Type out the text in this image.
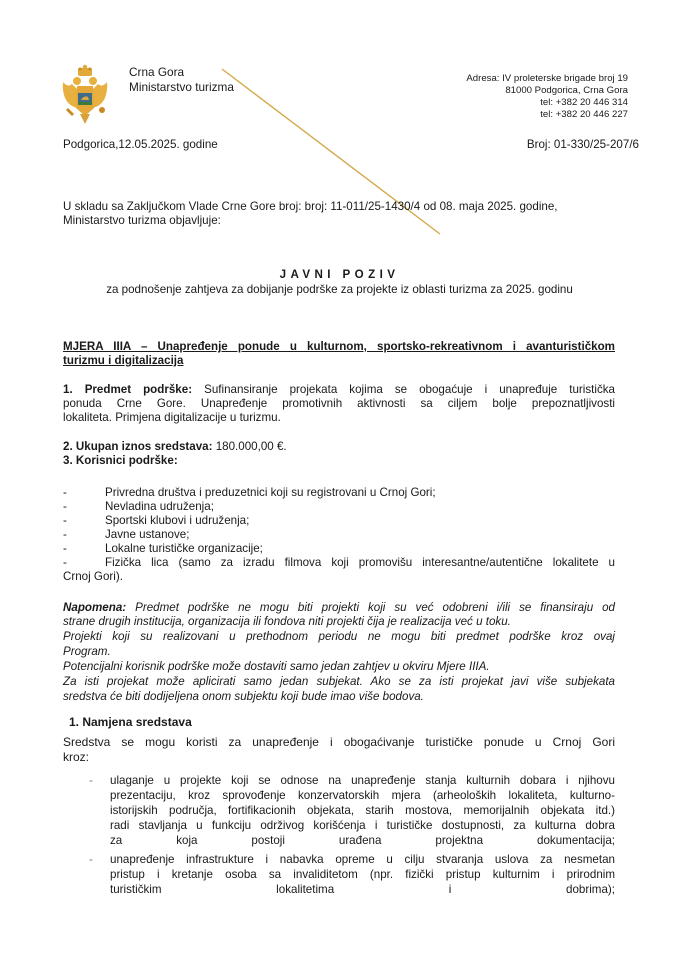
Crna Gora
Ministarstvo turizma
Adresa: IV proleterske brigade broj 19
81000 Podgorica, Crna Gora
tel: +382 20 446 314
tel: +382 20 446 227
Podgorica,12.05.2025. godine	Broj: 01-330/25-207/6
U skladu sa Zaključkom Vlade Crne Gore broj: broj: 11-011/25-1430/4 od 08. maja 2025. godine,
Ministarstvo turizma objavljuje:
JAVNI POZIV
za podnošenje zahtjeva za dobijanje podrške za projekte iz oblasti turizma za 2025. godinu
MJERA IIIA – Unapređenje ponude u kulturnom, sportsko-rekreativnom i avanturističkom
turizmu i digitalizacija
1. Predmet podrške: Sufinansiranje projekata kojima se obogaćuje i unapređuje turistička
ponuda Crne Gore. Unapređenje promotivnih aktivnosti sa ciljem bolje prepoznatljivosti
lokaliteta. Primjena digitalizacije u turizmu.
2. Ukupan iznos sredstava: 180.000,00 €.
3. Korisnici podrške:
-	Privredna društva i preduzetnici koji su registrovani u Crnoj Gori;
-	Nevladina udruženja;
-	Sportski klubovi i udruženja;
-	Javne ustanove;
-	Lokalne turističke organizacije;
-	Fizička lica (samo za izradu filmova koji promovišu interesantne/autentične lokalitete u
Crnoj Gori).
Napomena: Predmet podrške ne mogu biti projekti koji su već odobreni i/ili se finansiraju od
strane drugih institucija, organizacija ili fondova niti projekti čija je realizacija već u toku.
Projekti koji su realizovani u prethodnom periodu ne mogu biti predmet podrške kroz ovaj
Program.
Potencijalni korisnik podrške može dostaviti samo jedan zahtjev u okviru Mjere IIIA.
Za isti projekat može aplicirati samo jedan subjekat. Ako se za isti projekat javi više subjekata
sredstva će biti dodijeljena onom subjektu koji bude imao više bodova.
1. Namjena sredstava
Sredstva se mogu koristi za unapređenje i obogaćivanje turističke ponude u Crnoj Gori
kroz:
- ulaganje u projekte koji se odnose na unapređenje stanja kulturnih dobara i njihovu
prezentaciju, kroz sprovođenje konzervatorskih mjera (arheoloških lokaliteta, kulturno-
istorijskih područja, fortifikacionih objekata, starih mostova, memorijalnih objekata itd.)
radi stavljanja u funkciju održivog korišćenja i turističke dostupnosti, za kulturna dobra
za koja postoji urađena projektna dokumentacija;
- unapređenje infrastrukture i nabavka opreme u cilju stvaranja uslova za nesmetan
pristup i kretanje osoba sa invaliditetom (npr. fizički pristup kulturnim i prirodnim
turističkim lokalitetima i dobrima);
